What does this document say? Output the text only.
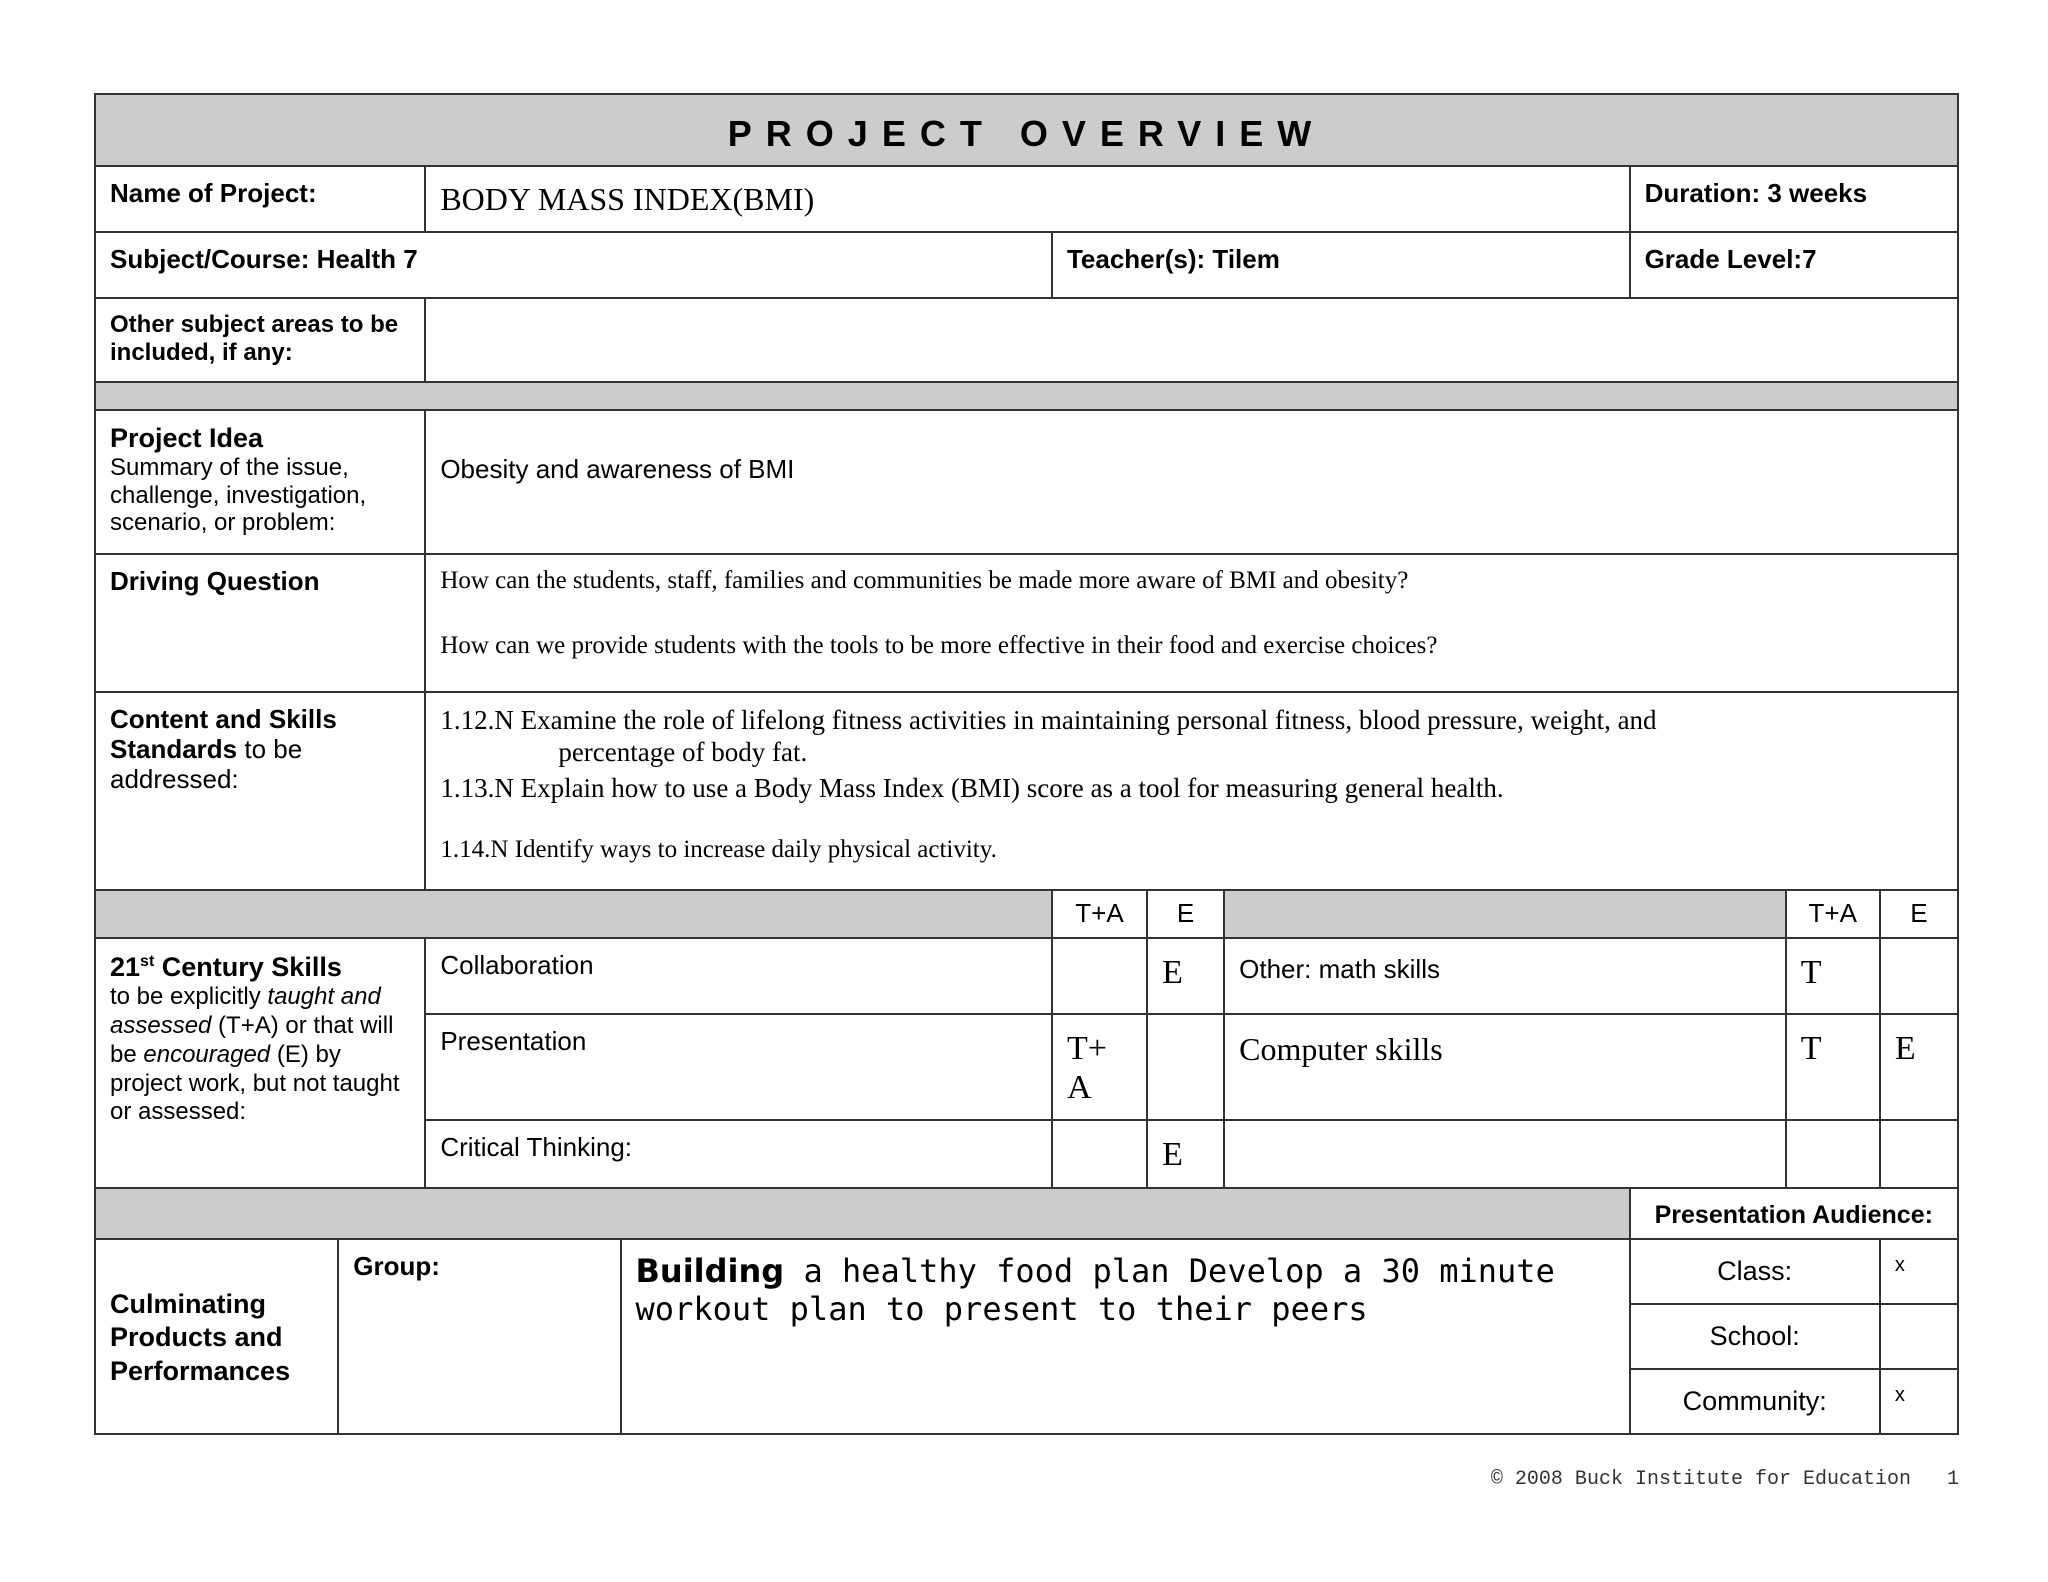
PROJECT OVERVIEW									
Name of Project:		BODY MASS INDEX(BMI)					Duration: 3 weeks		
Subject/Course: Health 7				Teacher(s): Tilem			Grade Level:7		
Other subject areas to be included, if any:									

Project Idea
Summary of the issue, challenge, investigation, scenario, or problem:		Obesity and awareness of BMI							
Driving Question		How can the students, staff, families and communities be made more aware of BMI and obesity?
How can we provide students with the tools to be more effective in their food and exercise choices?							

Content and Skills Standards to be addressed:		1.12.N Examine the role of lifelong fitness activities in maintaining personal fitness, blood pressure, weight, and
percentage of body fat.
1.13.N Explain how to use a Body Mass Index (BMI) score as a tool for measuring general health.
1.14.N Identify ways to increase daily physical activity.							

				T+A	E			T+A	E

21st Century Skills
to be explicitly taught and assessed (T+A) or that will be encouraged (E) by project work, but not taught or assessed:		Collaboration			E	Other: math skills		T	
		Presentation		T+ A		Computer skills		T	E
		Critical Thinking:			E				
							Presentation Audience:		
Culminating Products and Performances	Group:		Building a healthy food plan Develop a 30 minute workout plan to present to their peers				Class:		x
							School:		
							Community:		x
© 2008 Buck Institute for Education   1
